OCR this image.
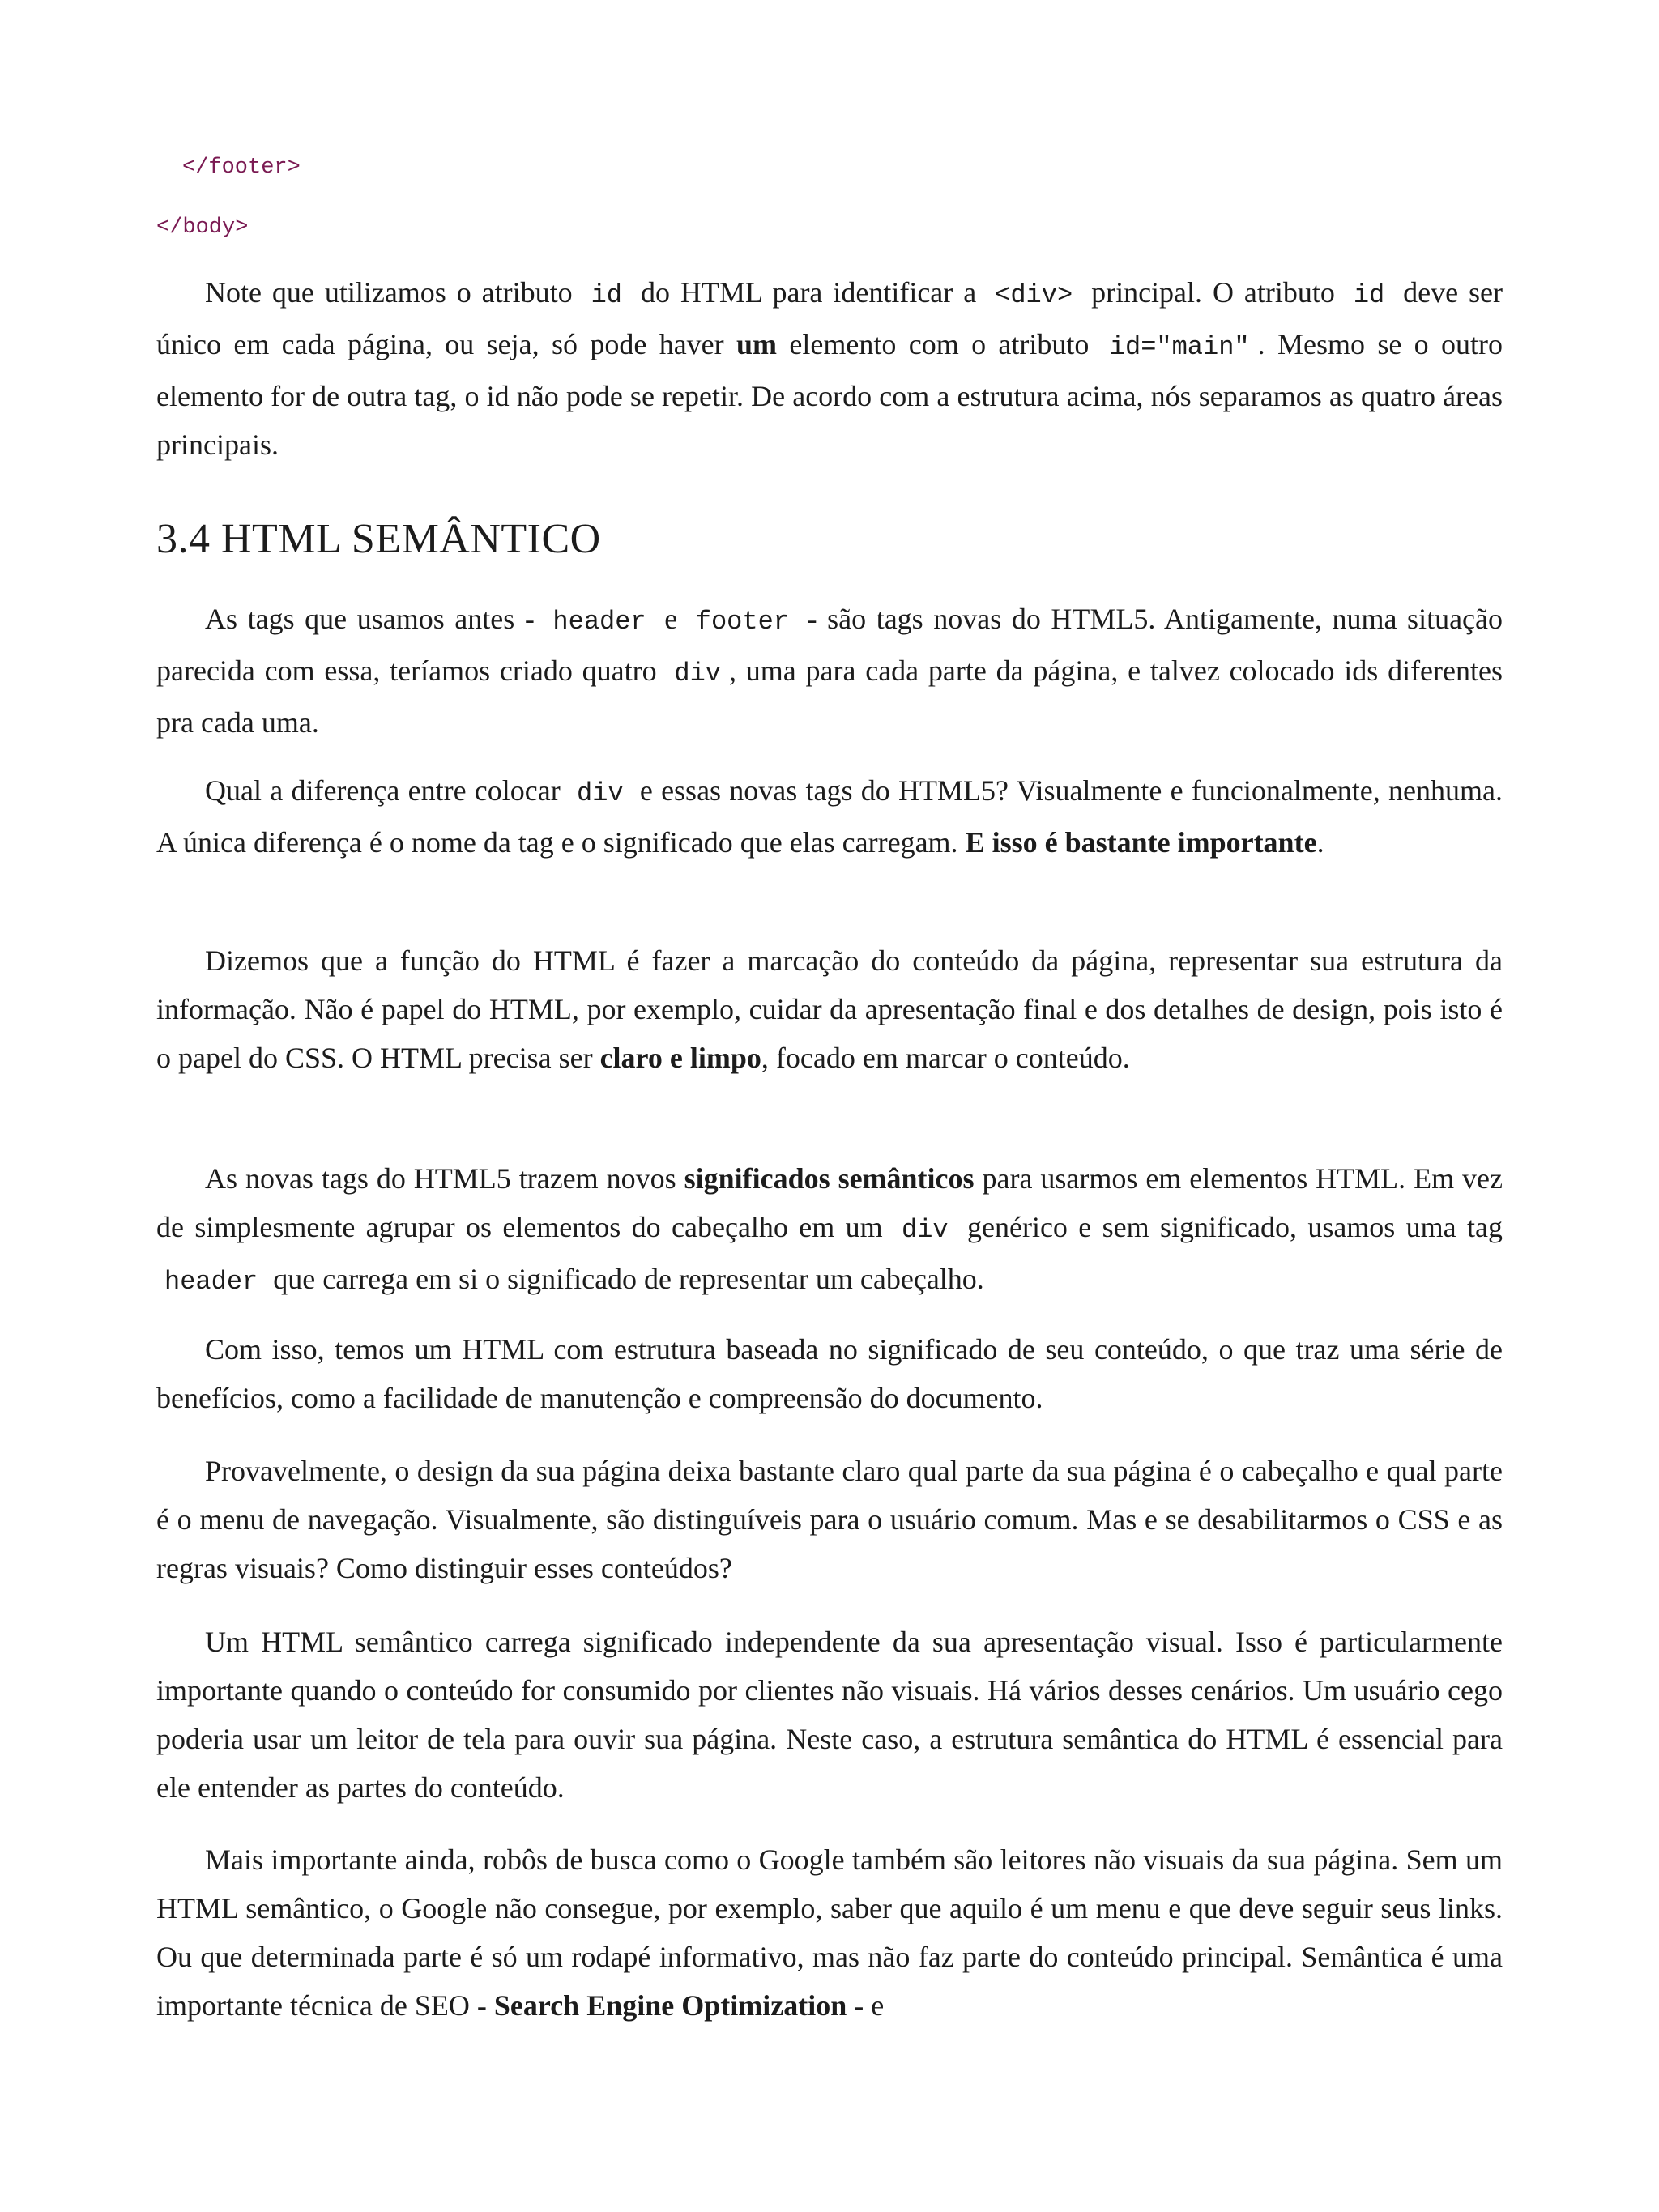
</footer>

</body>

Note que utilizamos o atributo id do HTML para identificar a <div> principal. O atributo id deve ser único em cada página, ou seja, só pode haver um elemento com o atributo id="main" . Mesmo se o outro elemento for de outra tag, o id não pode se repetir. De acordo com a estrutura acima, nós separamos as quatro áreas principais.

3.4 HTML SEMÂNTICO

As tags que usamos antes - header e footer - são tags novas do HTML5. Antigamente, numa situação parecida com essa, teríamos criado quatro div , uma para cada parte da página, e talvez colocado ids diferentes pra cada uma.

Qual a diferença entre colocar div e essas novas tags do HTML5? Visualmente e funcionalmente, nenhuma. A única diferença é o nome da tag e o significado que elas carregam. E isso é bastante importante.

Dizemos que a função do HTML é fazer a marcação do conteúdo da página, representar sua estrutura da informação. Não é papel do HTML, por exemplo, cuidar da apresentação final e dos detalhes de design, pois isto é o papel do CSS. O HTML precisa ser claro e limpo, focado em marcar o conteúdo.

As novas tags do HTML5 trazem novos significados semânticos para usarmos em elementos HTML. Em vez de simplesmente agrupar os elementos do cabeçalho em um div genérico e sem significado, usamos uma tag header que carrega em si o significado de representar um cabeçalho.

Com isso, temos um HTML com estrutura baseada no significado de seu conteúdo, o que traz uma série de benefícios, como a facilidade de manutenção e compreensão do documento.

Provavelmente, o design da sua página deixa bastante claro qual parte da sua página é o cabeçalho e qual parte é o menu de navegação. Visualmente, são distinguíveis para o usuário comum. Mas e se desabilitarmos o CSS e as regras visuais? Como distinguir esses conteúdos?

Um HTML semântico carrega significado independente da sua apresentação visual. Isso é particularmente importante quando o conteúdo for consumido por clientes não visuais. Há vários desses cenários. Um usuário cego poderia usar um leitor de tela para ouvir sua página. Neste caso, a estrutura semântica do HTML é essencial para ele entender as partes do conteúdo.

Mais importante ainda, robôs de busca como o Google também são leitores não visuais da sua página. Sem um HTML semântico, o Google não consegue, por exemplo, saber que aquilo é um menu e que deve seguir seus links. Ou que determinada parte é só um rodapé informativo, mas não faz parte do conteúdo principal. Semântica é uma importante técnica de SEO - Search Engine Optimization - e
